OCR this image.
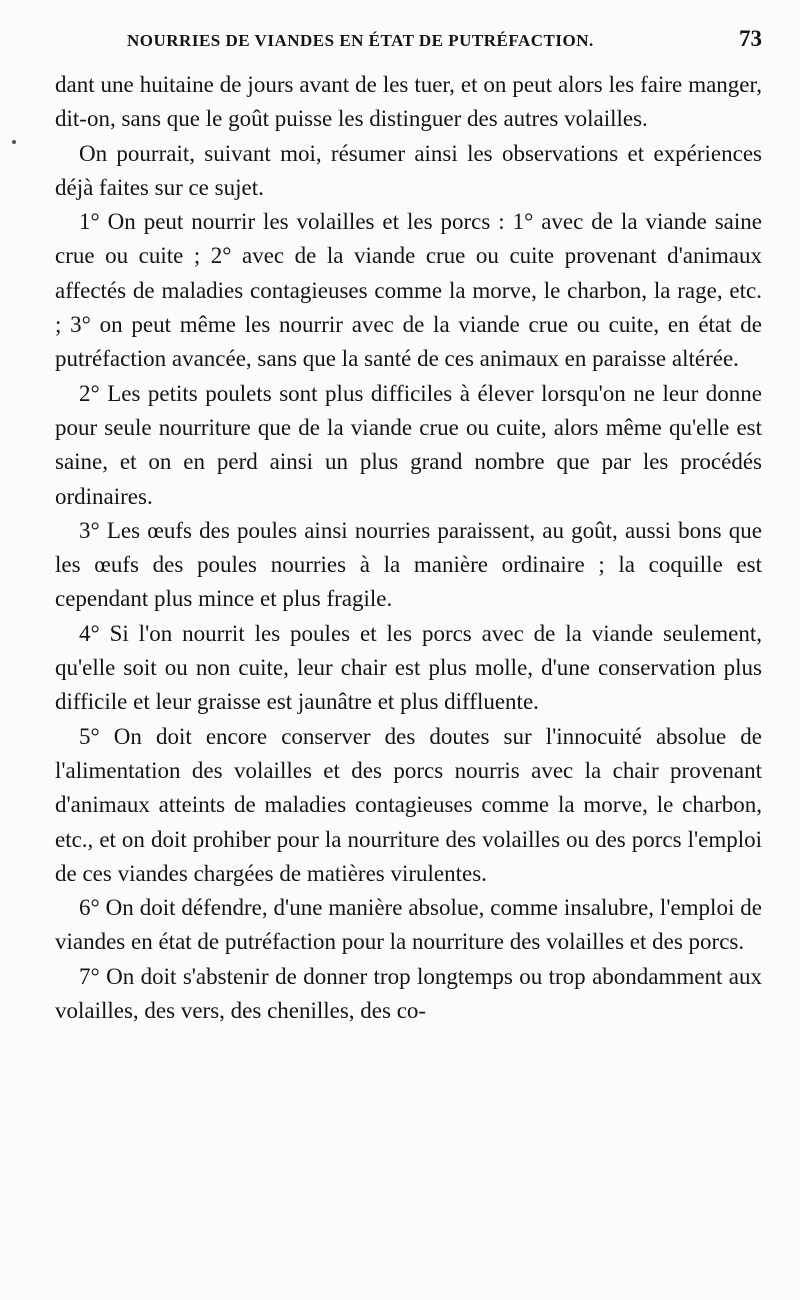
NOURRIES DE VIANDES EN ÉTAT DE PUTRÉFACTION.	73

dant une huitaine de jours avant de les tuer, et on peut alors les faire manger, dit-on, sans que le goût puisse les distinguer des autres volailles.

On pourrait, suivant moi, résumer ainsi les observations et expériences déjà faites sur ce sujet.

1° On peut nourrir les volailles et les porcs : 1° avec de la viande saine crue ou cuite ; 2° avec de la viande crue ou cuite provenant d'animaux affectés de maladies contagieuses comme la morve, le charbon, la rage, etc. ; 3° on peut même les nourrir avec de la viande crue ou cuite, en état de putréfaction avancée, sans que la santé de ces animaux en paraisse altérée.

2° Les petits poulets sont plus difficiles à élever lorsqu'on ne leur donne pour seule nourriture que de la viande crue ou cuite, alors même qu'elle est saine, et on en perd ainsi un plus grand nombre que par les procédés ordinaires.

3° Les œufs des poules ainsi nourries paraissent, au goût, aussi bons que les œufs des poules nourries à la manière ordinaire ; la coquille est cependant plus mince et plus fragile.

4° Si l'on nourrit les poules et les porcs avec de la viande seulement, qu'elle soit ou non cuite, leur chair est plus molle, d'une conservation plus difficile et leur graisse est jaunâtre et plus diffluente.

5° On doit encore conserver des doutes sur l'innocuité absolue de l'alimentation des volailles et des porcs nourris avec la chair provenant d'animaux atteints de maladies contagieuses comme la morve, le charbon, etc., et on doit prohiber pour la nourriture des volailles ou des porcs l'emploi de ces viandes chargées de matières virulentes.

6° On doit défendre, d'une manière absolue, comme insalubre, l'emploi de viandes en état de putréfaction pour la nourriture des volailles et des porcs.

7° On doit s'abstenir de donner trop longtemps ou trop abondamment aux volailles, des vers, des chenilles, des co-
